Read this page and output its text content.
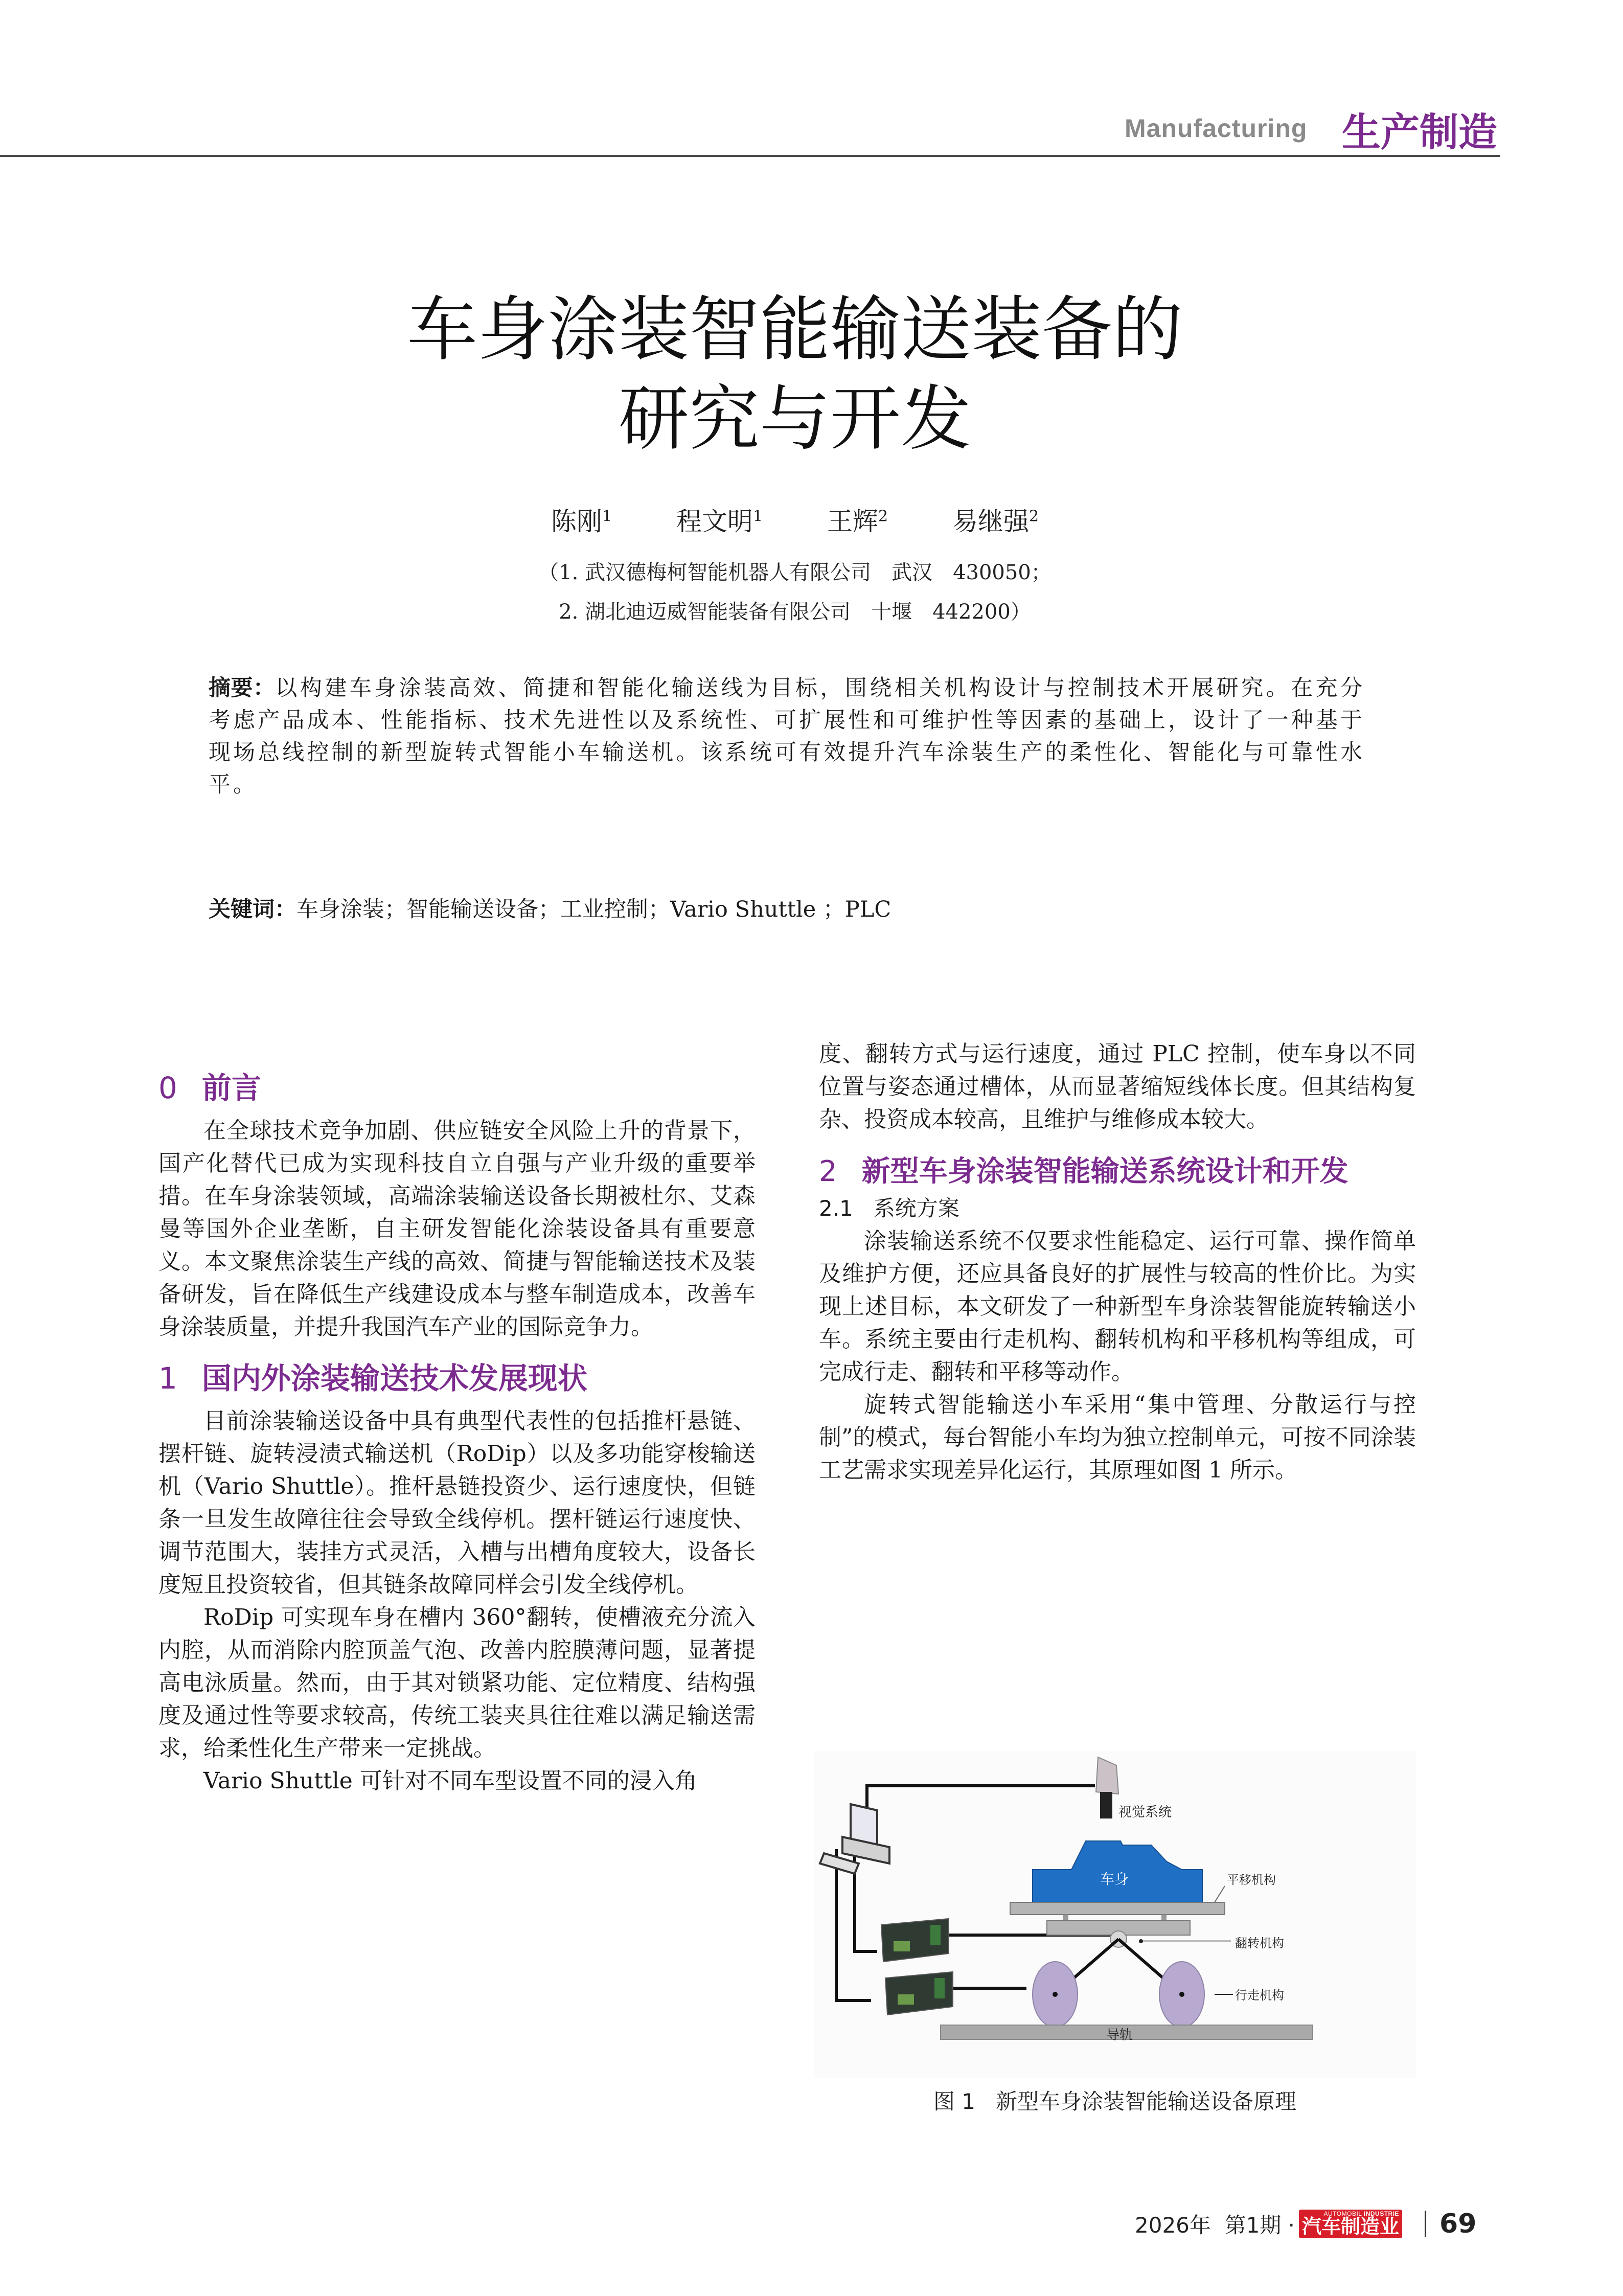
Manufacturing 生产制造
车身涂装智能输送装备的
研究与开发
陈刚$^1$	程文明$^1$	王辉$^2$	易继强$^2$
（1. 武汉德梅柯智能机器人有限公司　武汉　430050；
2. 湖北迪迈威智能装备有限公司　十堰　442200）
摘要：以构建车身涂装高效、简捷和智能化输送线为目标，围绕相关机构设计与控制技术开展研究。在充分考虑产品成本、性能指标、技术先进性以及系统性、可扩展性和可维护性等因素的基础上，设计了一种基于现场总线控制的新型旋转式智能小车输送机。该系统可有效提升汽车涂装生产的柔性化、智能化与可靠性水平。
关键词：车身涂装；智能输送设备；工业控制；Vario Shuttle ；PLC
0 前言

在全球技术竞争加剧、供应链安全风险上升的背景下，国产化替代已成为实现科技自立自强与产业升级的重要举措。在车身涂装领域，高端涂装输送设备长期被杜尔、艾森曼等国外企业垄断，自主研发智能化涂装设备具有重要意义。本文聚焦涂装生产线的高效、简捷与智能输送技术及装备研发，旨在降低生产线建设成本与整车制造成本，改善车身涂装质量，并提升我国汽车产业的国际竞争力。

1 国内外涂装输送技术发展现状

目前涂装输送设备中具有典型代表性的包括推杆悬链、摆杆链、旋转浸渍式输送机（RoDip）以及多功能穿梭输送机（Vario Shuttle）。推杆悬链投资少、运行速度快，但链条一旦发生故障往往会导致全线停机。摆杆链运行速度快、调节范围大，装挂方式灵活，入槽与出槽角度较大，设备长度短且投资较省，但其链条故障同样会引发全线停机。

RoDip 可实现车身在槽内 360°翻转，使槽液充分流入内腔，从而消除内腔顶盖气泡、改善内腔膜薄问题，显著提高电泳质量。然而，由于其对锁紧功能、定位精度、结构强度及通过性等要求较高，传统工装夹具往往难以满足输送需求，给柔性化生产带来一定挑战。

Vario Shuttle 可针对不同车型设置不同的浸入角

度、翻转方式与运行速度，通过 PLC 控制，使车身以不同位置与姿态通过槽体，从而显著缩短线体长度。但其结构复杂、投资成本较高，且维护与维修成本较大。

2 新型车身涂装智能输送系统设计和开发
2.1 系统方案

涂装输送系统不仅要求性能稳定、运行可靠、操作简单及维护方便，还应具备良好的扩展性与较高的性价比。为实现上述目标，本文研发了一种新型车身涂装智能旋转输送小车。系统主要由行走机构、翻转机构和平移机构等组成，可完成行走、翻转和平移等动作。

旋转式智能输送小车采用“集中管理、分散运行与控制”的模式，每台智能小车均为独立控制单元，可按不同涂装工艺需求实现差异化运行，其原理如图 1 所示。

视觉系统
车身	平移机构
翻转机构
行走机构
导轨
图 1 新型车身涂装智能输送设备原理
2026年  第1期 ·	AUTOMOBIL INDUSTRIE
汽车制造业 69
